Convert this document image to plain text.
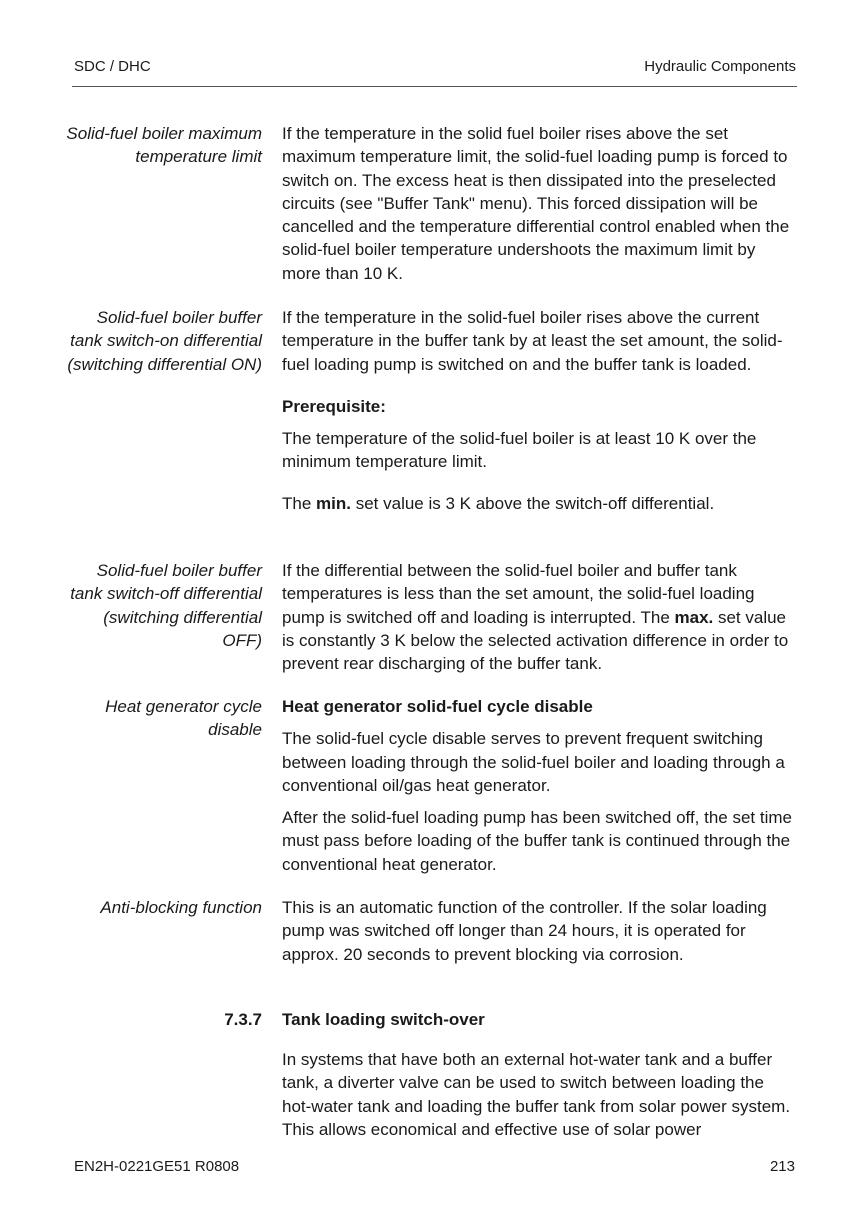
SDC / DHC	Hydraulic Components
Solid-fuel boiler maximum temperature limit

If the temperature in the solid fuel boiler rises above the set maximum temperature limit, the solid-fuel loading pump is forced to switch on. The excess heat is then dissipated into the preselected circuits (see "Buffer Tank" menu). This forced dissipation will be cancelled and the temperature differential control enabled when the solid-fuel boiler temperature undershoots the maximum limit by more than 10 K.

Solid-fuel boiler buffer tank switch-on differential (switching differential ON)

If the temperature in the solid-fuel boiler rises above the current temperature in the buffer tank by at least the set amount, the solid-fuel loading pump is switched on and the buffer tank is loaded.

Prerequisite:

The temperature of the solid-fuel boiler is at least 10 K over the minimum temperature limit.

The min. set value is 3 K above the switch-off differential.

Solid-fuel boiler buffer tank switch-off differential (switching differential OFF)

If the differential between the solid-fuel boiler and buffer tank temperatures is less than the set amount, the solid-fuel loading pump is switched off and loading is interrupted. The max. set value is constantly 3 K below the selected activation difference in order to prevent rear discharging of the buffer tank.

Heat generator cycle disable

Heat generator solid-fuel cycle disable

The solid-fuel cycle disable serves to prevent frequent switching between loading through the solid-fuel boiler and loading through a conventional oil/gas heat generator.

After the solid-fuel loading pump has been switched off, the set time must pass before loading of the buffer tank is continued through the conventional heat generator.

Anti-blocking function This is an automatic function of the controller. If the solar loading pump was switched off longer than 24 hours, it is operated for approx. 20 seconds to prevent blocking via corrosion.

7.3.7 Tank loading switch-over

In systems that have both an external hot-water tank and a buffer tank, a diverter valve can be used to switch between loading the hot-water tank and loading the buffer tank from solar power system. This allows economical and effective use of solar power

EN2H-0221GE51 R0808	213
